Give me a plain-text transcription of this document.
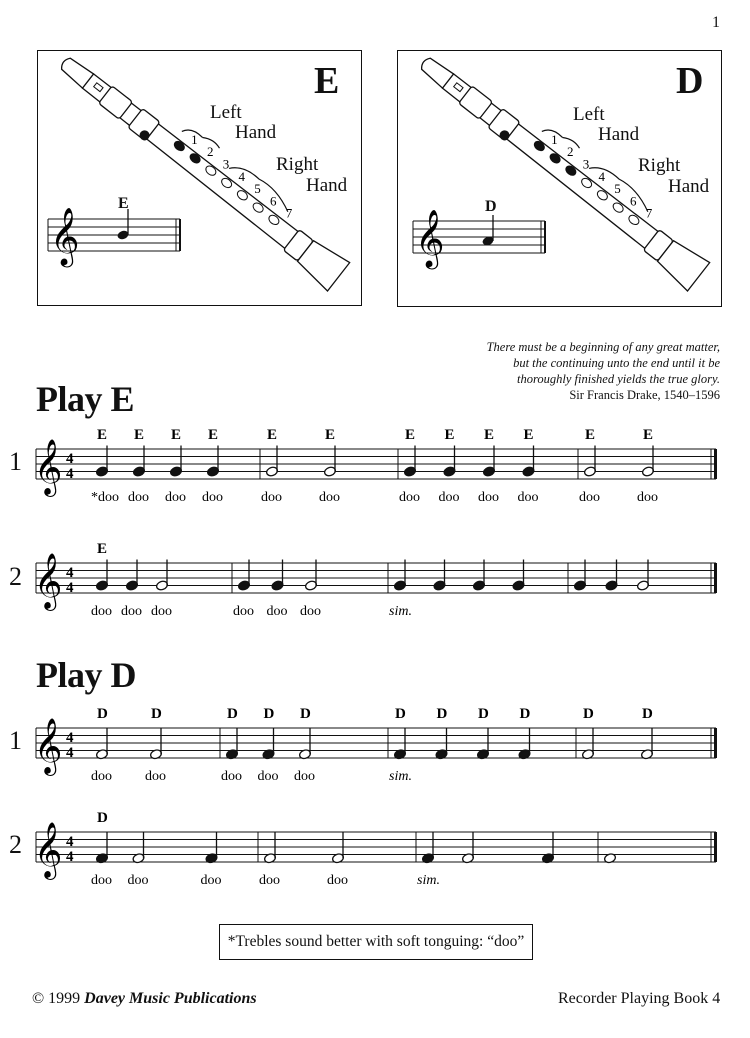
1
1
2
3
4
5
6
7
𝄞
E
Left
Hand
Right
Hand
E
1
2
3
4
5
6
7
𝄞
D
Left
Hand
Right
Hand
D
There must be a beginning of any great matter,
but the continuing unto the end until it be
thoroughly finished yields the true glory.
Sir Francis Drake, 1540–1596
Play E
Play D
1
2
1
2
𝄞 4
4
E E E E	E	E	E E E E	E	E
*doo doo doo doo	doo	doo	doo doo doo doo	doo	doo
𝄞 4
4
E
doo doo doo	doo doo doo	sim.
𝄞 4
4
D	D	D D D	D D D D	D	D
doo doo	doo doo doo	sim.
𝄞 4
4
D
doo doo	doo	doo	doo	sim.
*Trebles sound better with soft tonguing: “doo”
© 1999 Davey Music Publications	Recorder Playing Book 4
